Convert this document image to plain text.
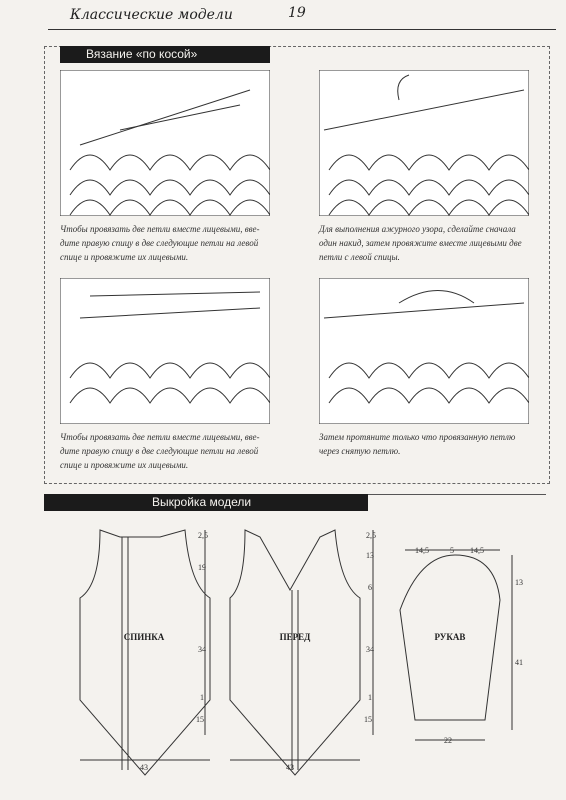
Классические модели	19
Вязание «по косой»
Чтобы провязать две петли вместе лицевыми, вве- дите правую спицу в две следующие петли на левой спице и провяжите их лицевыми.
Для выполнения ажурного узора, сделайте сначала один накид, затем провяжите вместе лицевыми две петли с левой спицы.
Чтобы провязать две петли вместе лицевыми, вве- дите правую спицу в две следующие петли на левой спице и провяжите их лицевыми.
Затем протяните только что провязанную петлю через снятую петлю.
Выкройка модели
СПИНКА
2,5
19
34
1
15
43
ПЕРЕД
2,5
13
6
34
1
15
43
РУКАВ
14,5	5 14,5
13
41
22
